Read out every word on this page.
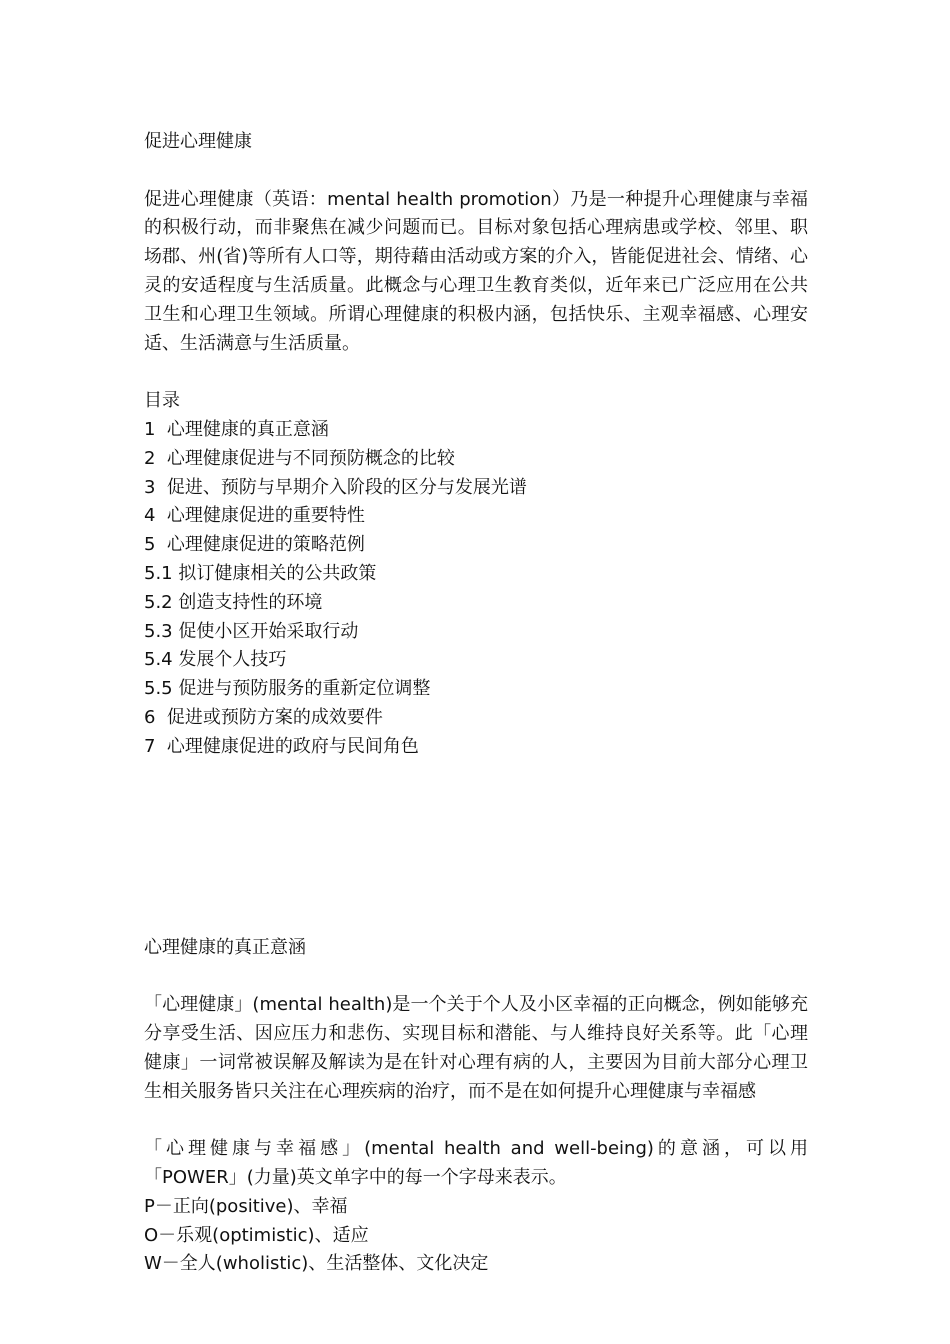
促进心理健康
促进心理健康（英语：mental health promotion）乃是一种提升心理健康与幸福的积极行动，而非聚焦在减少问题而已。目标对象包括心理病患或学校、邻里、职场郡、州(省)等所有人口等，期待藉由活动或方案的介入，皆能促进社会、情绪、心灵的安适程度与生活质量。此概念与心理卫生教育类似，近年来已广泛应用在公共卫生和心理卫生领域。所谓心理健康的积极内涵，包括快乐、主观幸福感、心理安适、生活满意与生活质量。
目录
1  心理健康的真正意涵
2  心理健康促进与不同预防概念的比较
3  促进、预防与早期介入阶段的区分与发展光谱
4  心理健康促进的重要特性
5  心理健康促进的策略范例
5.1 拟订健康相关的公共政策
5.2 创造支持性的环境
5.3 促使小区开始采取行动
5.4 发展个人技巧
5.5 促进与预防服务的重新定位调整
6  促进或预防方案的成效要件
7  心理健康促进的政府与民间角色
心理健康的真正意涵
「心理健康」(mental health)是一个关于个人及小区幸福的正向概念，例如能够充分享受生活、因应压力和悲伤、实现目标和潜能、与人维持良好关系等。此「心理健康」一词常被误解及解读为是在针对心理有病的人，主要因为目前大部分心理卫生相关服务皆只关注在心理疾病的治疗，而不是在如何提升心理健康与幸福感
「心理健康与幸福感」(mental health and well-being)的意涵，可以用「POWER」(力量)英文单字中的每一个字母来表示。
P－正向(positive)、幸福
O－乐观(optimistic)、适应
W－全人(wholistic)、生活整体、文化决定
